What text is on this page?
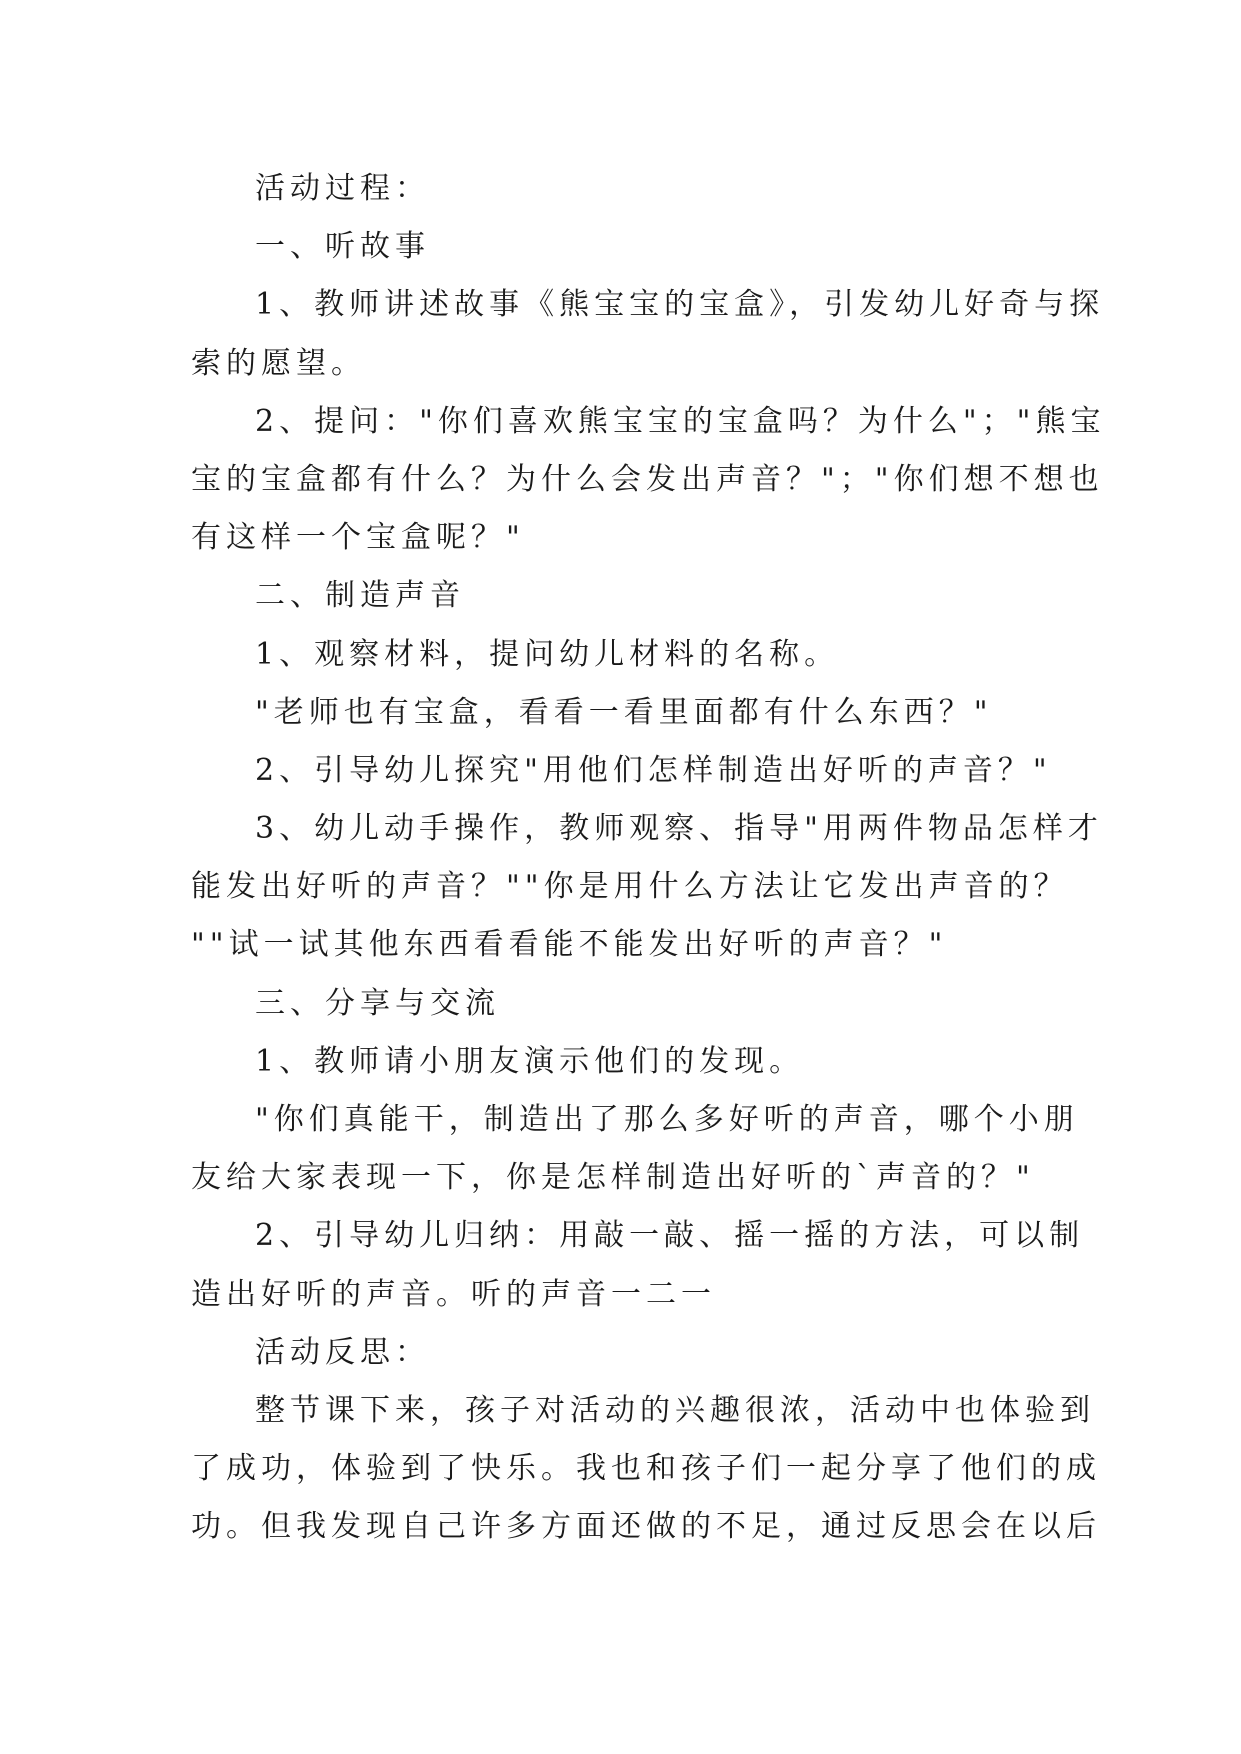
活动过程：
一、听故事
1、教师讲述故事《熊宝宝的宝盒》，引发幼儿好奇与探
索的愿望。
2、提问："你们喜欢熊宝宝的宝盒吗？为什么"；"熊宝
宝的宝盒都有什么？为什么会发出声音？"；"你们想不想也
有这样一个宝盒呢？"
二、制造声音
1、观察材料，提问幼儿材料的名称。
"老师也有宝盒，看看一看里面都有什么东西？"
2、引导幼儿探究"用他们怎样制造出好听的声音？"
3、幼儿动手操作，教师观察、指导"用两件物品怎样才
能发出好听的声音？""你是用什么方法让它发出声音的？
""试一试其他东西看看能不能发出好听的声音？"
三、分享与交流
1、教师请小朋友演示他们的发现。
"你们真能干，制造出了那么多好听的声音，哪个小朋
友给大家表现一下，你是怎样制造出好听的`声音的？"
2、引导幼儿归纳：用敲一敲、摇一摇的方法，可以制
造出好听的声音。听的声音一二一
活动反思：
整节课下来，孩子对活动的兴趣很浓，活动中也体验到
了成功，体验到了快乐。我也和孩子们一起分享了他们的成
功。但我发现自己许多方面还做的不足，通过反思会在以后
